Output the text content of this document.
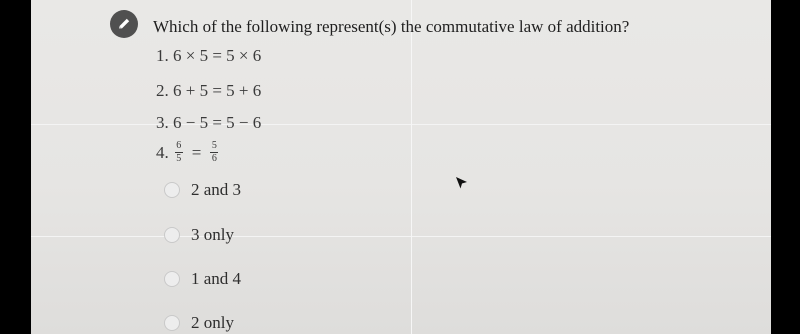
Which of the following represent(s) the commutative law of addition?
1. 6 × 5 = 5 × 6
2. 6 + 5 = 5 + 6
3. 6 − 5 = 5 − 6
4. $\frac{6}{5} = \frac{5}{6}$
2 and 3
3 only
1 and 4
2 only
